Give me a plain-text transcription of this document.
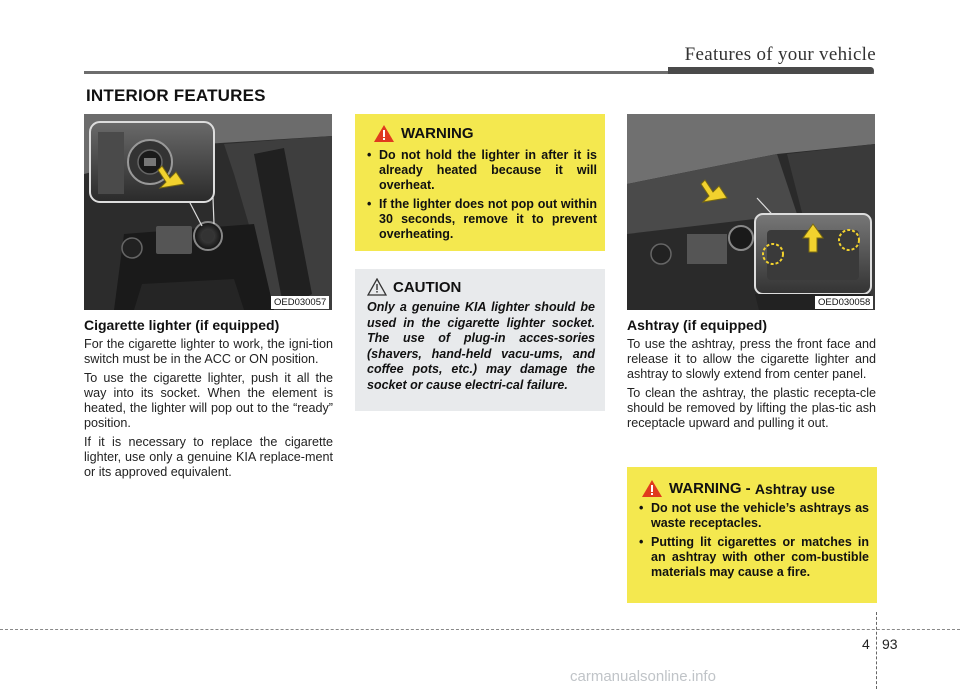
Features of your vehicle
INTERIOR FEATURES
OED030057
Cigarette lighter (if equipped)

For the cigarette lighter to work, the igni-tion switch must be in the ACC or ON position.

To use the cigarette lighter, push it all the way into its socket. When the element is heated, the lighter will pop out to the “ready” position.

If it is necessary to replace the cigarette lighter, use only a genuine KIA replace-ment or its approved equivalent.

WARNING
• Do not hold the lighter in after it is already heated because it will overheat.
• If the lighter does not pop out within 30 seconds, remove it to prevent overheating.
CAUTION
Only a genuine KIA lighter should be used in the cigarette lighter socket. The use of plug-in acces-sories (shavers, hand-held vacu-ums, and coffee pots, etc.) may damage the socket or cause electri-cal failure.
OED030058
Ashtray (if equipped)

To use the ashtray, press the front face and release it to allow the cigarette lighter and ashtray to slowly extend from center panel.

To clean the ashtray, the plastic recepta-cle should be removed by lifting the plas-tic ash receptacle upward and pulling it out.

WARNING - Ashtray use
• Do not use the vehicle’s ashtrays as waste receptacles.
• Putting lit cigarettes or matches in an ashtray with other com-bustible materials may cause a fire.
4 93
carmanualsonline.info
